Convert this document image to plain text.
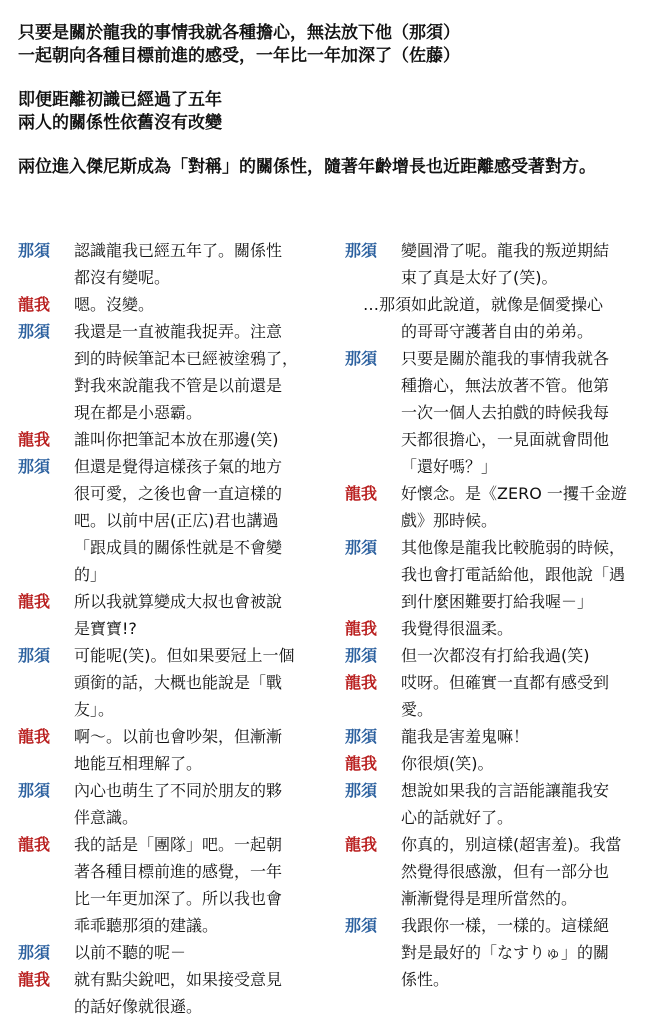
只要是關於龍我的事情我就各種擔心，無法放下他（那須）
一起朝向各種目標前進的感受，一年比一年加深了（佐藤）
即便距離初識已經過了五年
兩人的關係性依舊沒有改變
兩位進入傑尼斯成為「對稱」的關係性，隨著年齡增長也近距離感受著對方。
那須	認識龍我已經五年了。關係性
都沒有變呢。
龍我	嗯。沒變。
那須	我還是一直被龍我捉弄。注意
到的時候筆記本已經被塗鴉了，
對我來說龍我不管是以前還是
現在都是小惡霸。
龍我	誰叫你把筆記本放在那邊(笑)
那須	但還是覺得這樣孩子氣的地方
很可愛，之後也會一直這樣的
吧。以前中居(正広)君也講過
「跟成員的關係性就是不會變
的」
龍我	所以我就算變成大叔也會被說
是寶寶!?
那須	可能呢(笑)。但如果要冠上一個
頭銜的話，大概也能說是「戰
友」。
龍我	啊～。以前也會吵架，但漸漸
地能互相理解了。
那須	內心也萌生了不同於朋友的夥
伴意識。
龍我	我的話是「團隊」吧。一起朝
著各種目標前進的感覺，一年
比一年更加深了。所以我也會
乖乖聽那須的建議。
那須	以前不聽的呢－
龍我	就有點尖銳吧，如果接受意見
的話好像就很遜。
那須	變圓滑了呢。龍我的叛逆期結
束了真是太好了(笑)。
…那須如此說道，就像是個愛操心
的哥哥守護著自由的弟弟。
那須	只要是關於龍我的事情我就各
種擔心，無法放著不管。他第
一次一個人去拍戲的時候我每
天都很擔心，一見面就會問他
「還好嗎？」
龍我	好懷念。是《ZERO 一攫千金遊
戲》那時候。
那須	其他像是龍我比較脆弱的時候，
我也會打電話給他，跟他說「遇
到什麼困難要打給我喔－」
龍我	我覺得很溫柔。
那須	但一次都沒有打給我過(笑)
龍我	哎呀。但確實一直都有感受到
愛。
那須	龍我是害羞鬼嘛！
龍我	你很煩(笑)。
那須	想說如果我的言語能讓龍我安
心的話就好了。
龍我	你真的，别這樣(超害羞)。我當
然覺得很感激，但有一部分也
漸漸覺得是理所當然的。
那須	我跟你一樣，一樣的。這樣絕
對是最好的「なすりゅ」的關
係性。
